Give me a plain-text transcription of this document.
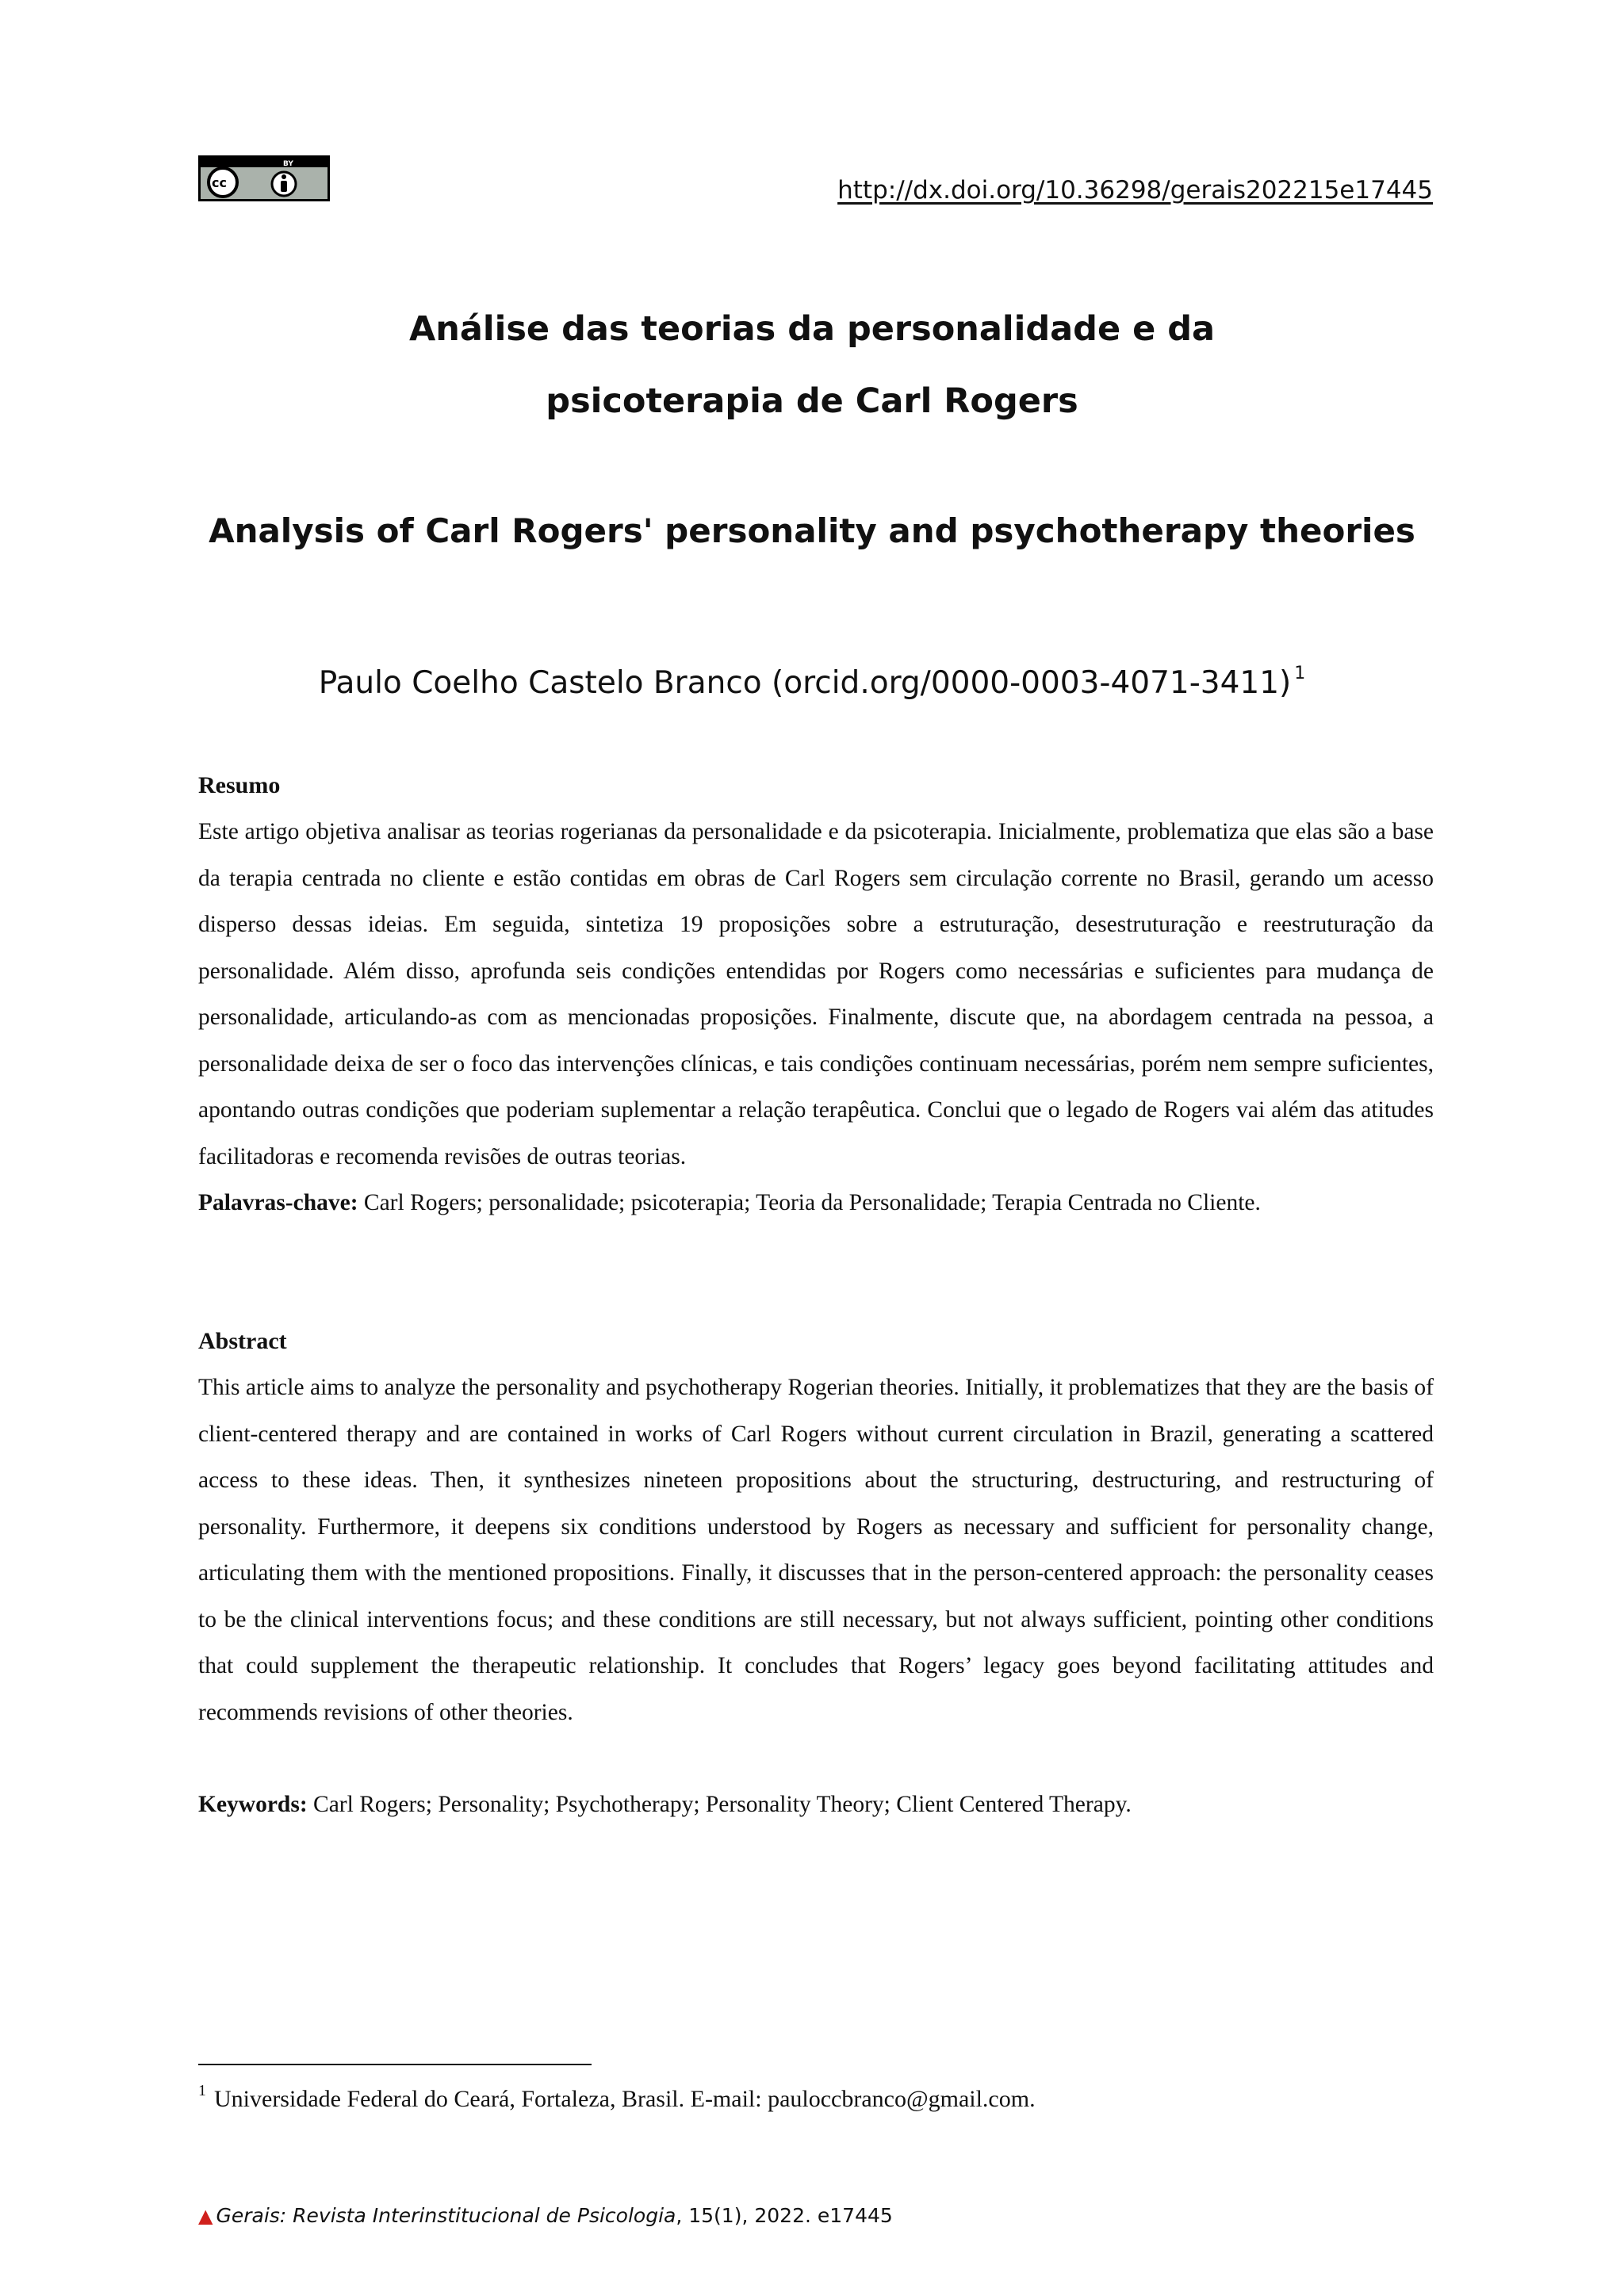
BY
cc	http://dx.doi.org/10.36298/gerais202215e17445
Análise das teorias da personalidade e da
psicoterapia de Carl Rogers
Analysis of Carl Rogers' personality and psychotherapy theories
Paulo Coelho Castelo Branco (orcid.org/0000-0003-4071-3411) $^1$
Resumo

Este artigo objetiva analisar as teorias rogerianas da personalidade e da psicoterapia. Inicialmente, problematiza que elas são a base da terapia centrada no cliente e estão contidas em obras de Carl Rogers sem circulação corrente no Brasil, gerando um acesso disperso dessas ideias. Em seguida, sintetiza 19 proposições sobre a estruturação, desestruturação e reestruturação da personalidade. Além disso, aprofunda seis condições entendidas por Rogers como necessárias e suficientes para mudança de personalidade, articulando-as com as mencionadas proposições. Finalmente, discute que, na abordagem centrada na pessoa, a personalidade deixa de ser o foco das intervenções clínicas, e tais condições continuam necessárias, porém nem sempre suficientes, apontando outras condições que poderiam suplementar a relação terapêutica. Conclui que o legado de Rogers vai além das atitudes facilitadoras e recomenda revisões de outras teorias.

Palavras-chave: Carl Rogers; personalidade; psicoterapia; Teoria da Personalidade; Terapia Centrada no Cliente.
Abstract

This article aims to analyze the personality and psychotherapy Rogerian theories. Initially, it problematizes that they are the basis of client-centered therapy and are contained in works of Carl Rogers without current circulation in Brazil, generating a scattered access to these ideas. Then, it synthesizes nineteen propositions about the structuring, destructuring, and restructuring of personality. Furthermore, it deepens six conditions understood by Rogers as necessary and sufficient for personality change, articulating them with the mentioned propositions. Finally, it discusses that in the person-centered approach: the personality ceases to be the clinical interventions focus; and these conditions are still necessary, but not always sufficient, pointing other conditions that could supplement the therapeutic relationship. It concludes that Rogers’ legacy goes beyond facilitating attitudes and recommends revisions of other theories.

Keywords: Carl Rogers; Personality; Psychotherapy; Personality Theory; Client Centered Therapy.
$^1$ Universidade Federal do Ceará, Fortaleza, Brasil. E-mail: pauloccbranco@gmail.com.
▲ Gerais: Revista Interinstitucional de Psicologia, 15(1), 2022. e17445
